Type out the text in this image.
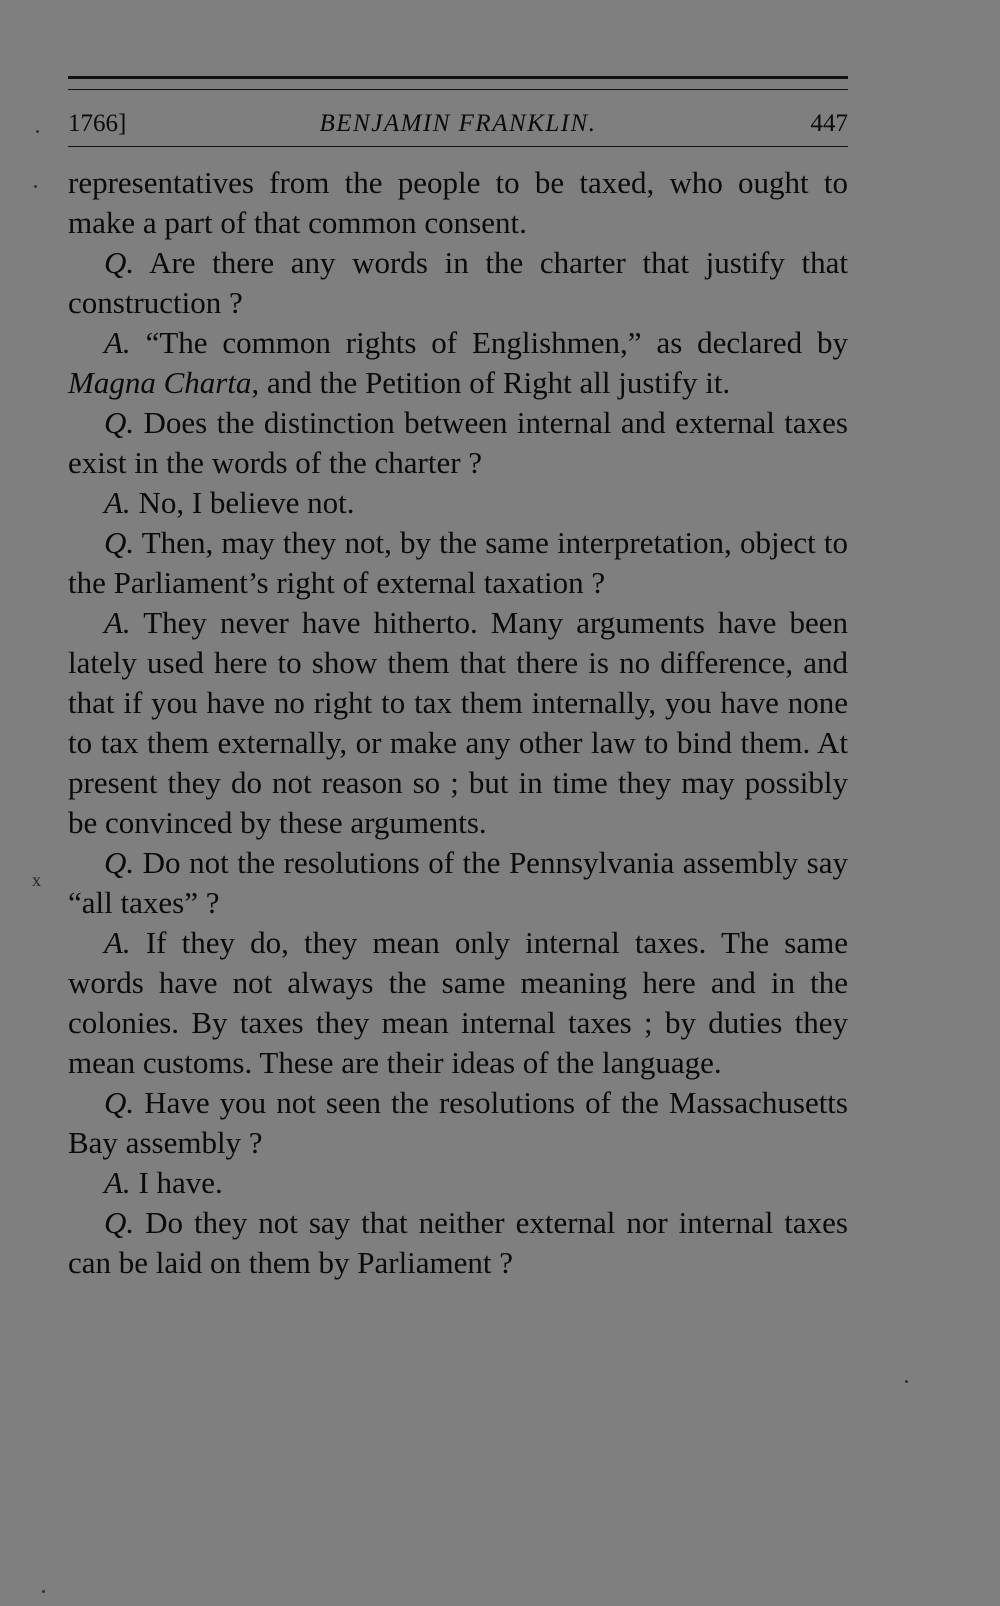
1766]	BENJAMIN FRANKLIN.	447

representatives from the people to be taxed, who ought to make a part of that common consent.

Q. Are there any words in the charter that justify that construction ?

A. “The common rights of Englishmen,” as declared by Magna Charta, and the Petition of Right all justify it.

Q. Does the distinction between internal and external taxes exist in the words of the charter ?

A. No, I believe not.

Q. Then, may they not, by the same interpretation, object to the Parliament’s right of external taxation ?

A. They never have hitherto. Many arguments have been lately used here to show them that there is no difference, and that if you have no right to tax them internally, you have none to tax them externally, or make any other law to bind them. At present they do not reason so ; but in time they may possibly be convinced by these arguments.

Q. Do not the resolutions of the Pennsylvania assembly say “all taxes” ?

A. If they do, they mean only internal taxes. The same words have not always the same meaning here and in the colonies. By taxes they mean internal taxes ; by duties they mean customs. These are their ideas of the language.

Q. Have you not seen the resolutions of the Massachusetts Bay assembly ?

A. I have.

Q. Do they not say that neither external nor internal taxes can be laid on them by Parliament ?

x
